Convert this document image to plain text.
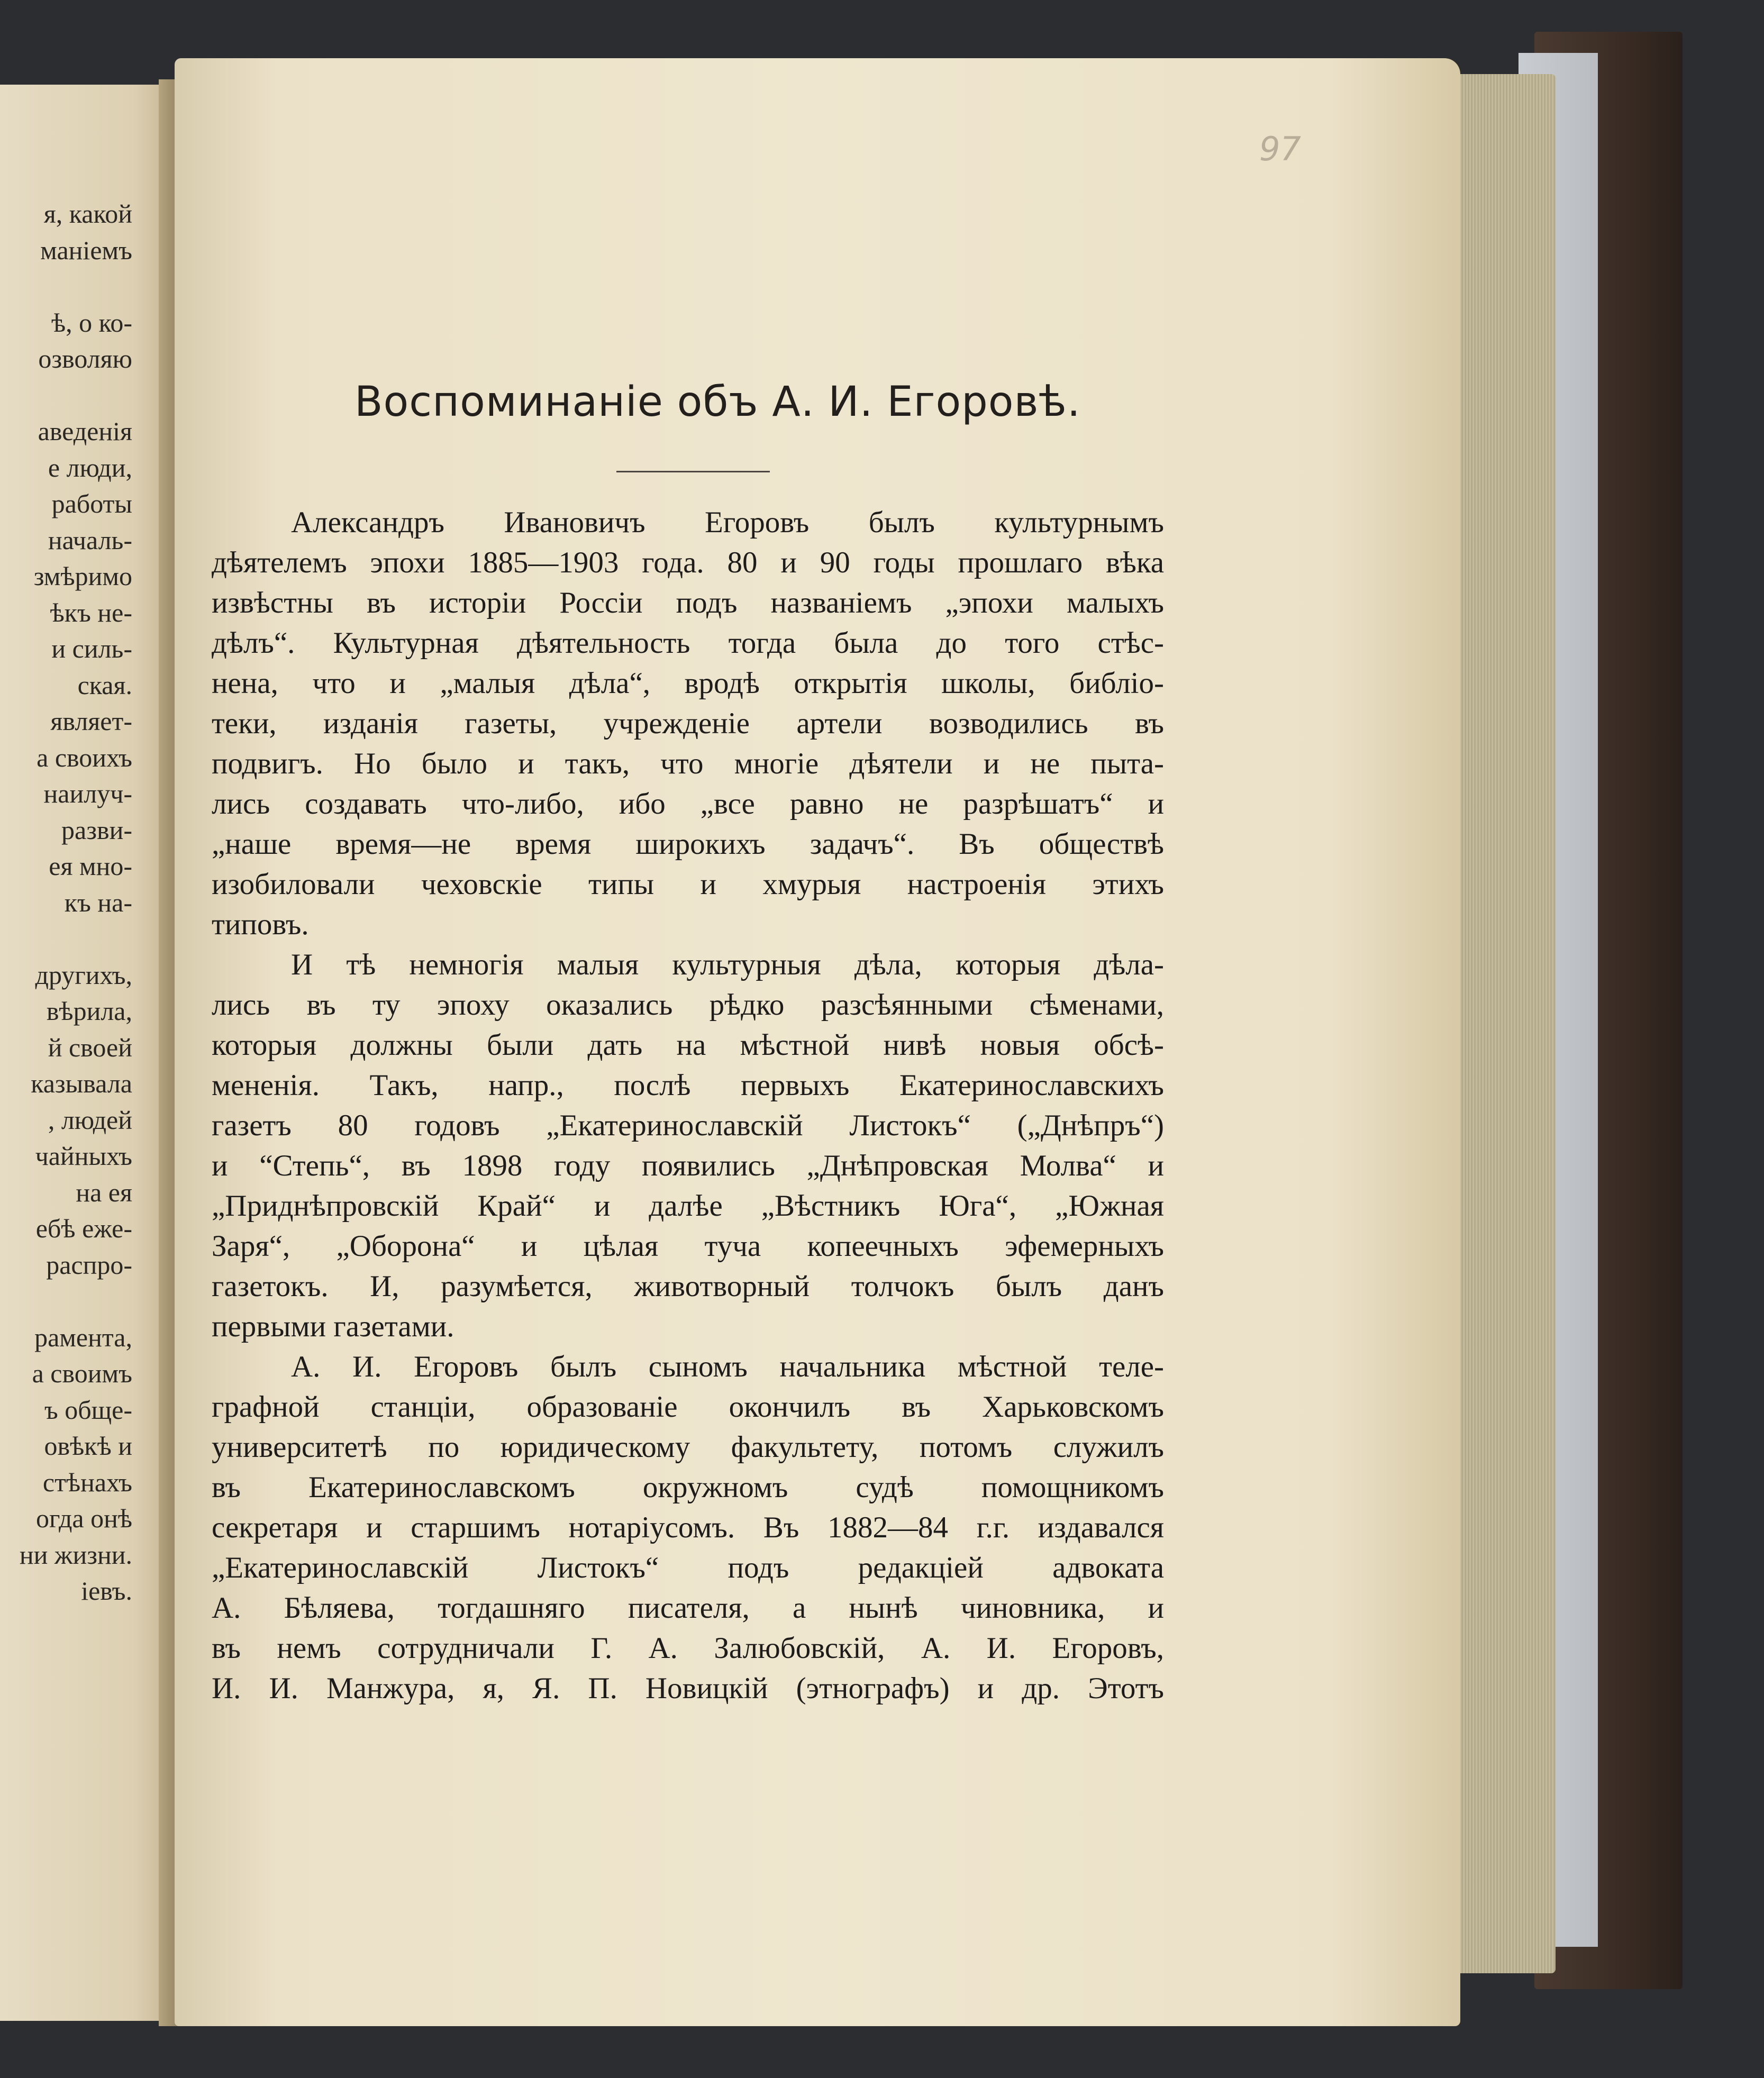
я, какой
маніемъ
ѣ, о ко-
озволяю
аведенія
е люди,
работы
началь-
змѣримо
ѣкъ не-
и силь-
ская.
являет-
а своихъ
наилуч-
разви-
ея мно-
къ на-
другихъ,
вѣрила,
й своей
казывала
, людей
чайныхъ
на ея
ебѣ еже-
распро-
рамента,
а своимъ
ъ обще-
овѣкѣ и
стѣнахъ
огда онѣ
ни жизни.
іевъ.
97
Воспоминаніе объ А. И. Егоровѣ.
Александръ Ивановичъ Егоровъ былъ культурнымъ
дѣятелемъ эпохи 1885—1903 года. 80 и 90 годы прошлаго вѣка
извѣстны въ исторіи Россіи подъ названіемъ „эпохи малыхъ
дѣлъ“. Культурная дѣятельность тогда была до того стѣс-
нена, что и „малыя дѣла“, вродѣ открытія школы, библіо-
теки, изданія газеты, учрежденіе артели возводились въ
подвигъ. Но было и такъ, что многіе дѣятели и не пыта-
лись создавать что-либо, ибо „все равно не разрѣшатъ“ и
„наше время—не время широкихъ задачъ“. Въ обществѣ
изобиловали чеховскіе типы и хмурыя настроенія этихъ
типовъ.
И тѣ немногія малыя культурныя дѣла, которыя дѣла-
лись въ ту эпоху оказались рѣдко разсѣянными сѣменами,
которыя должны были дать на мѣстной нивѣ новыя обсѣ-
мененія. Такъ, напр., послѣ первыхъ Екатеринославскихъ
газетъ 80 годовъ „Екатеринославскій Листокъ“ („Днѣпръ“)
и “Степь“, въ 1898 году появились „Днѣпровская Молва“ и
„Приднѣпровскій Край“ и далѣе „Вѣстникъ Юга“, „Южная
Заря“, „Оборона“ и цѣлая туча копеечныхъ эфемерныхъ
газетокъ. И, разумѣется, животворный толчокъ былъ данъ
первыми газетами.
А. И. Егоровъ былъ сыномъ начальника мѣстной теле-
графной станціи, образованіе окончилъ въ Харьковскомъ
университетѣ по юридическому факультету, потомъ служилъ
въ Екатеринославскомъ окружномъ судѣ помощникомъ
секретаря и старшимъ нотаріусомъ. Въ 1882—84 г.г. издавался
„Екатеринославскій Листокъ“ подъ редакціей адвоката
А. Бѣляева, тогдашняго писателя, а нынѣ чиновника, и
въ немъ сотрудничали Г. А. Залюбовскій, А. И. Егоровъ,
И. И. Манжура, я, Я. П. Новицкій (этнографъ) и др. Этотъ
